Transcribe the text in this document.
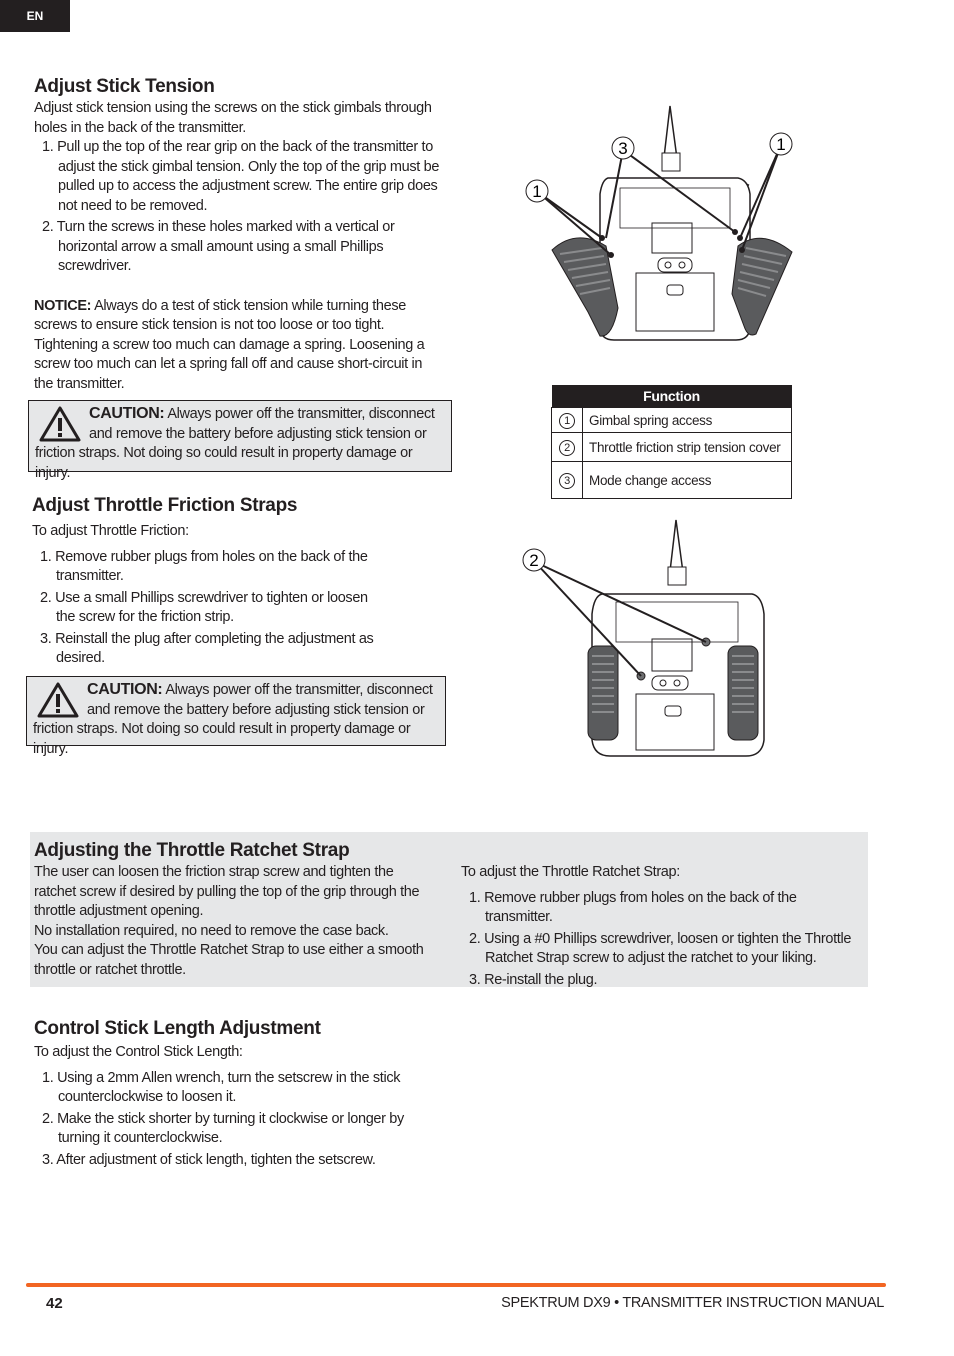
EN
Adjust Stick Tension

Adjust stick tension using the screws on the stick gimbals through holes in the back of the transmitter.

1. Pull up the top of the rear grip on the back of the transmitter to adjust the stick gimbal tension. Only the top of the grip must be pulled up to access the adjustment screw. The entire grip does not need to be removed.
2. Turn the screws in these holes marked with a vertical or horizontal arrow a small amount using a small Phillips screwdriver.

NOTICE: Always do a test of stick tension while turning these screws to ensure stick tension is not too loose or too tight. Tightening a screw too much can damage a spring. Loosening a screw too much can let a spring fall off and cause short-circuit in the transmitter.

CAUTION: Always power off the transmitter, disconnect and remove the battery before adjusting stick tension or friction straps. Not doing so could result in property damage or injury.
1
3	1
Function	
1	Gimbal spring access
2	Throttle friction strip tension cover
3	Mode change access
Adjust Throttle Friction Straps

To adjust Throttle Friction:

1. Remove rubber plugs from holes on the back of the transmitter.
2. Use a small Phillips screwdriver to tighten or loosen the screw for the friction strip.
3. Reinstall the plug after completing the adjustment as desired.
CAUTION: Always power off the transmitter, disconnect and remove the battery before adjusting stick tension or friction straps. Not doing so could result in property damage or injury.
2
Adjusting the Throttle Ratchet Strap

The user can loosen the friction strap screw and tighten the ratchet screw if desired by pulling the top of the grip through the throttle adjustment opening.

No installation required, no need to remove the case back.

You can adjust the Throttle Ratchet Strap to use either a smooth throttle or ratchet throttle.

To adjust the Throttle Ratchet Strap:

1. Remove rubber plugs from holes on the back of the transmitter.
2. Using a #0 Phillips screwdriver, loosen or tighten the Throttle Ratchet Strap screw to adjust the ratchet to your liking.
3. Re-install the plug.
Control Stick Length Adjustment

To adjust the Control Stick Length:

1. Using a 2mm Allen wrench, turn the setscrew in the stick counterclockwise to loosen it.
2. Make the stick shorter by turning it clockwise or longer by turning it counterclockwise.
3. After adjustment of stick length, tighten the setscrew.
42	SPEKTRUM DX9 • TRANSMITTER INSTRUCTION MANUAL
